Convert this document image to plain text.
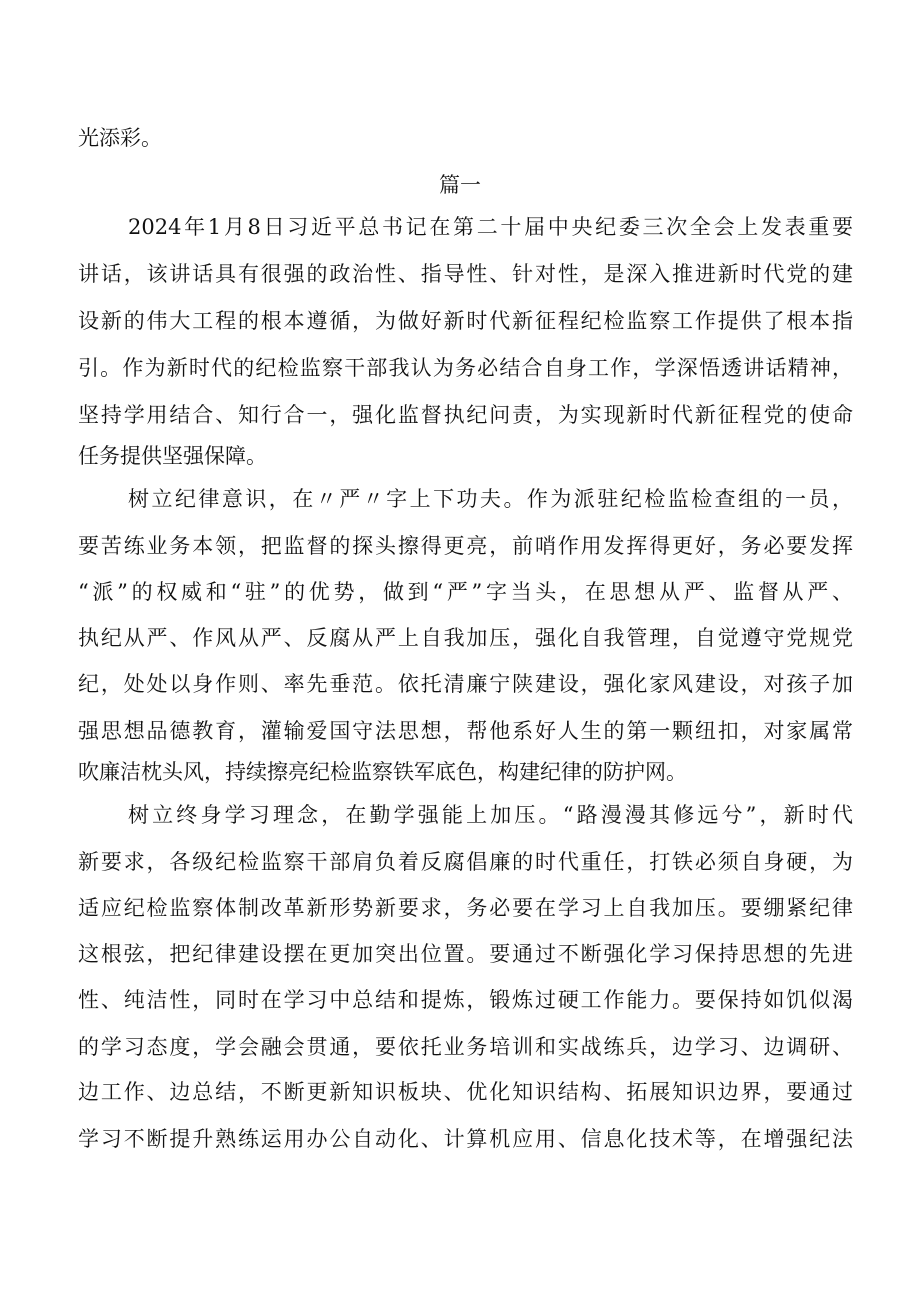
光添彩。
篇一
2024年1月8日习近平总书记在第二十届中央纪委三次全会上发表重要
讲话，该讲话具有很强的政治性、指导性、针对性，是深入推进新时代党的建
设新的伟大工程的根本遵循，为做好新时代新征程纪检监察工作提供了根本指
引。作为新时代的纪检监察干部我认为务必结合自身工作，学深悟透讲话精神，
坚持学用结合、知行合一，强化监督执纪问责，为实现新时代新征程党的使命
任务提供坚强保障。
树立纪律意识，在〃严〃字上下功夫。作为派驻纪检监检查组的一员，
要苦练业务本领，把监督的探头擦得更亮，前哨作用发挥得更好，务必要发挥
“派”的权威和“驻”的优势，做到“严”字当头，在思想从严、监督从严、
执纪从严、作风从严、反腐从严上自我加压，强化自我管理，自觉遵守党规党
纪，处处以身作则、率先垂范。依托清廉宁陕建设，强化家风建设，对孩子加
强思想品德教育，灌输爱国守法思想，帮他系好人生的第一颗纽扣，对家属常
吹廉洁枕头风，持续擦亮纪检监察铁军底色，构建纪律的防护网。
树立终身学习理念，在勤学强能上加压。“路漫漫其修远兮”，新时代
新要求，各级纪检监察干部肩负着反腐倡廉的时代重任，打铁必须自身硬，为
适应纪检监察体制改革新形势新要求，务必要在学习上自我加压。要绷紧纪律
这根弦，把纪律建设摆在更加突出位置。要通过不断强化学习保持思想的先进
性、纯洁性，同时在学习中总结和提炼，锻炼过硬工作能力。要保持如饥似渴
的学习态度，学会融会贯通，要依托业务培训和实战练兵，边学习、边调研、
边工作、边总结，不断更新知识板块、优化知识结构、拓展知识边界，要通过
学习不断提升熟练运用办公自动化、计算机应用、信息化技术等，在增强纪法
